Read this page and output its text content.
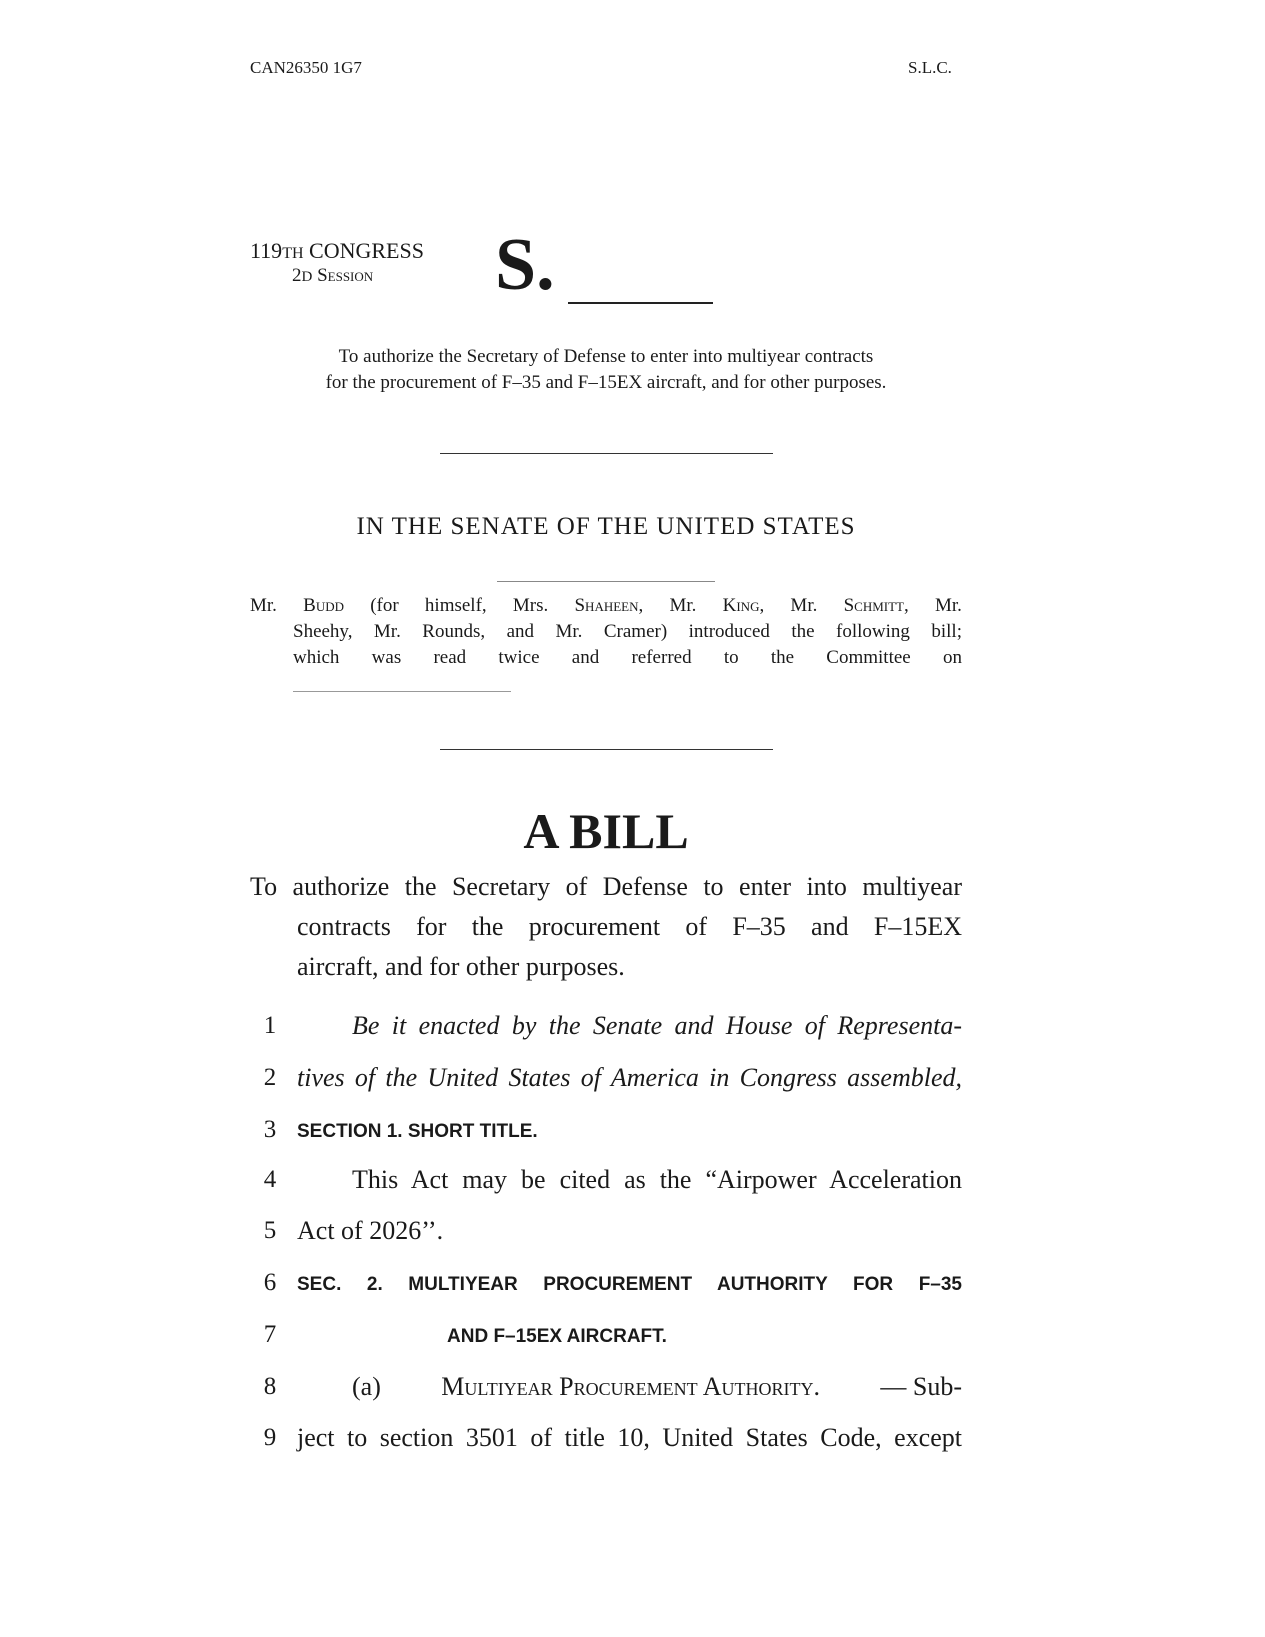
CAN26350 1G7	S.L.C.
119TH CONGRESS
2D Session S.
To authorize the Secretary of Defense to enter into multiyear contracts
for the procurement of F–35 and F–15EX aircraft, and for other purposes.
IN THE SENATE OF THE UNITED STATES
Mr. Budd (for himself, Mrs. Shaheen, Mr. King, Mr. Schmitt, Mr.
Sheehy, Mr. Rounds, and Mr. Cramer) introduced the following bill;
which was read twice and referred to the Committee on
A BILL
To authorize the Secretary of Defense to enter into multiyear
contracts for the procurement of F–35 and F–15EX
aircraft, and for other purposes.
1	Be it enacted by the Senate and House of Representa-
2 tives of the United States of America in Congress assembled,
3	SECTION 1. SHORT TITLE.
4	This Act may be cited as the “Airpower Acceleration
5 Act of 2026’’.
6	SEC. 2. MULTIYEAR PROCUREMENT AUTHORITY FOR F–35
7	AND F–15EX AIRCRAFT.
8	(a) Multiyear Procurement Authority. — Sub-
9 ject to section 3501 of title 10, United States Code, except
